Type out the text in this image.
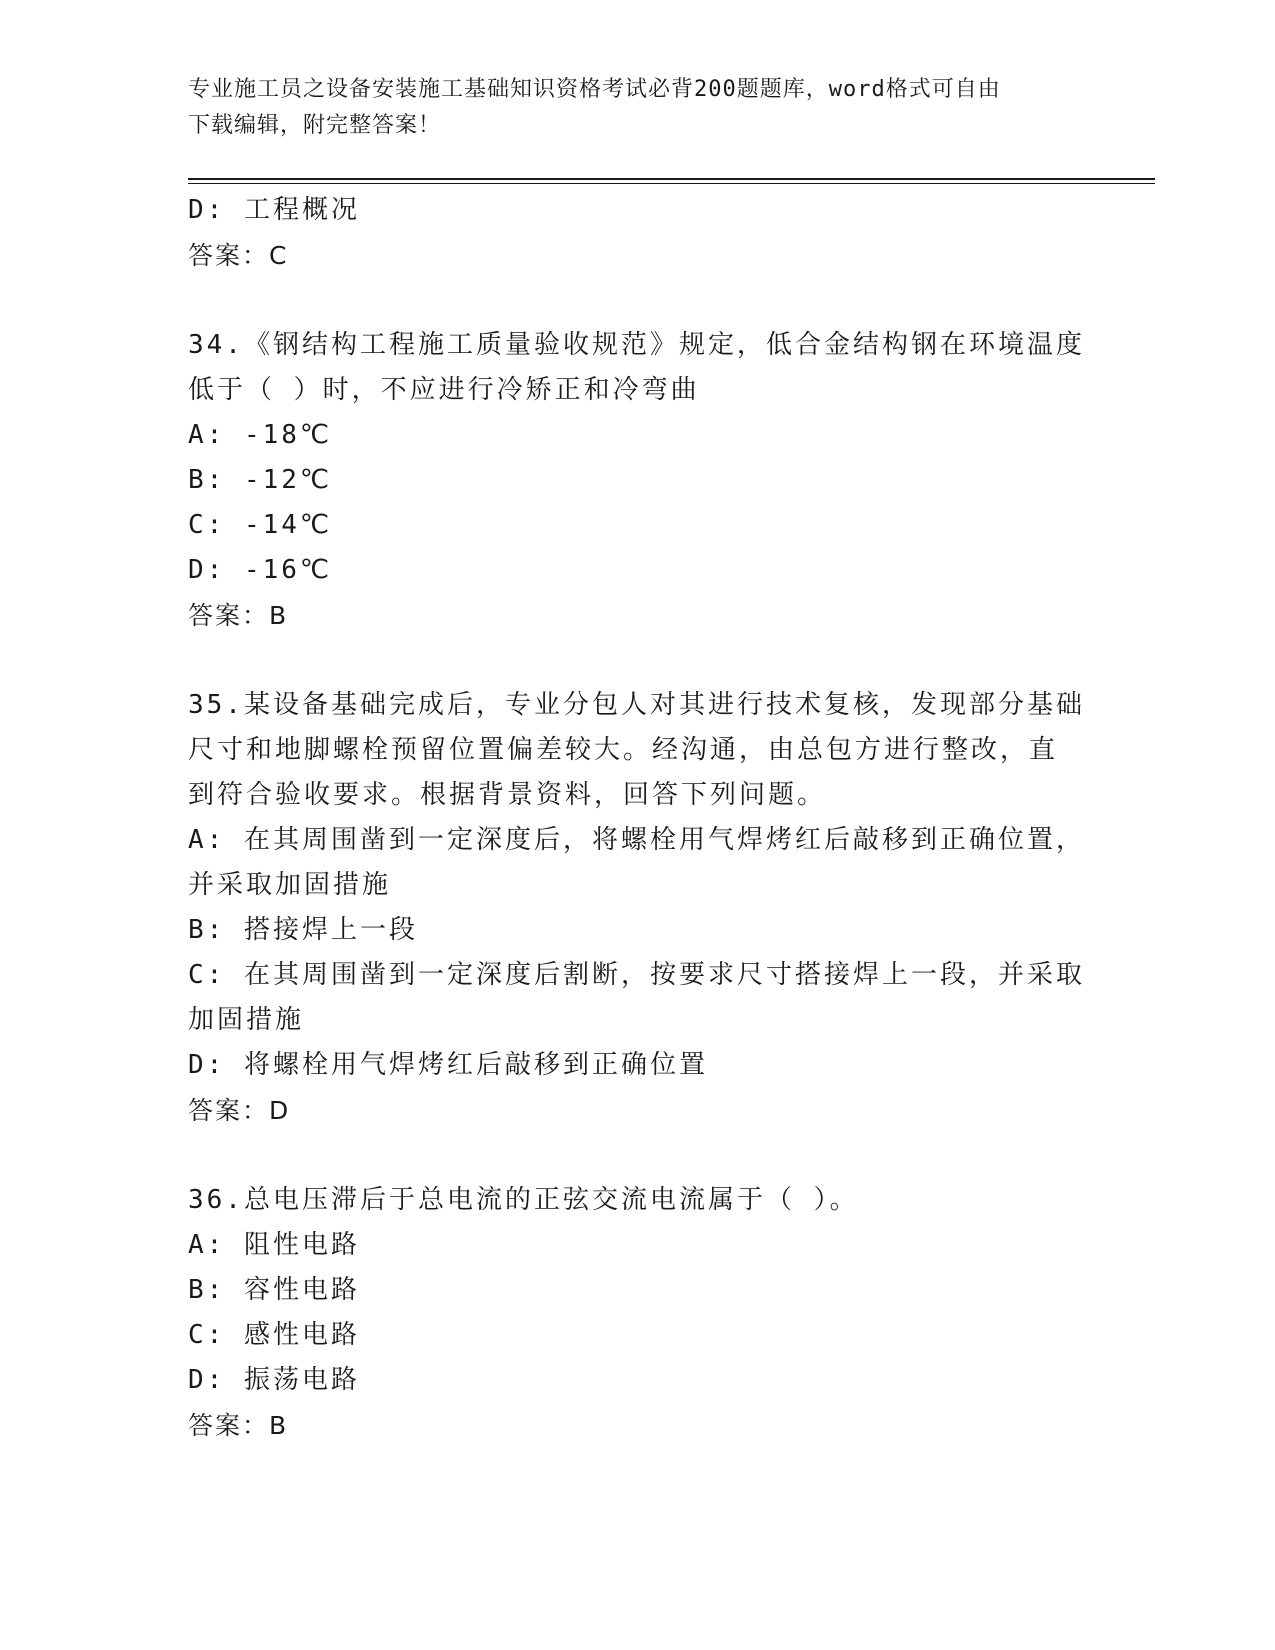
专业施工员之设备安装施工基础知识资格考试必背200题题库，word格式可自由
下载编辑，附完整答案！
D: 工程概况
答案：C
34.《钢结构工程施工质量验收规范》规定，低合金结构钢在环境温度
低于（ ）时，不应进行冷矫正和冷弯曲
A: -18℃
B: -12℃
C: -14℃
D: -16℃
答案：B
35.某设备基础完成后，专业分包人对其进行技术复核，发现部分基础
尺寸和地脚螺栓预留位置偏差较大。经沟通，由总包方进行整改，直
到符合验收要求。根据背景资料，回答下列问题。
A: 在其周围凿到一定深度后，将螺栓用气焊烤红后敲移到正确位置，
并采取加固措施
B: 搭接焊上一段
C: 在其周围凿到一定深度后割断，按要求尺寸搭接焊上一段，并采取
加固措施
D: 将螺栓用气焊烤红后敲移到正确位置
答案：D
36.总电压滞后于总电流的正弦交流电流属于（ ）。
A: 阻性电路
B: 容性电路
C: 感性电路
D: 振荡电路
答案：B
